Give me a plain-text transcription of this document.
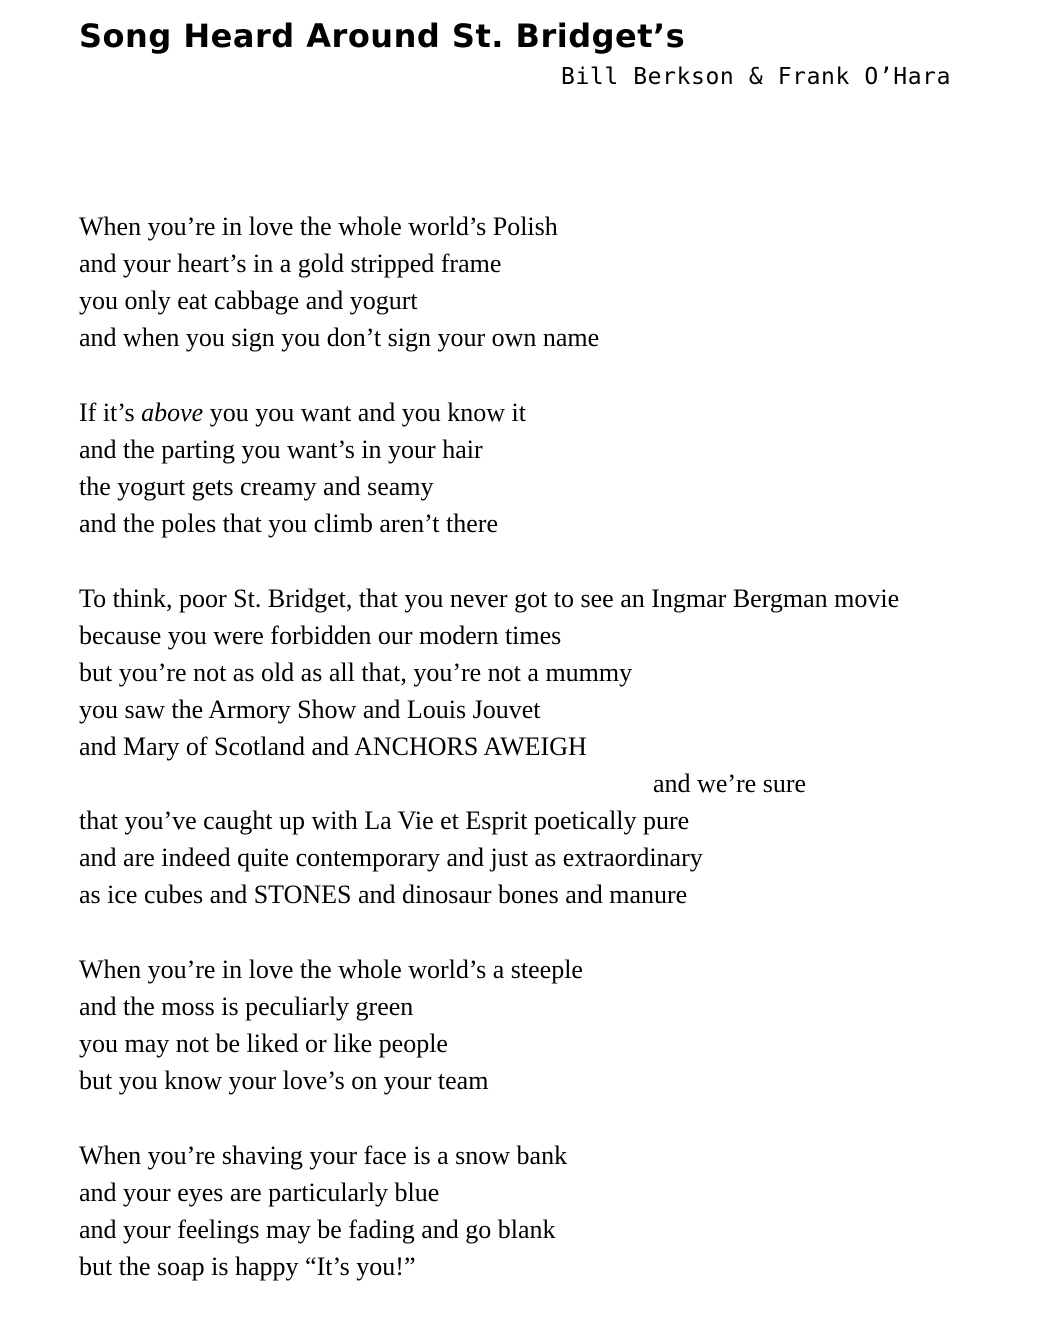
Song Heard Around St. Bridget’s

Bill Berkson & Frank O’Hara

When you’re in love the whole world’s Polish
and your heart’s in a gold stripped frame
you only eat cabbage and yogurt
and when you sign you don’t sign your own name
If it’s above you you want and you know it
and the parting you want’s in your hair
the yogurt gets creamy and seamy
and the poles that you climb aren’t there
To think, poor St. Bridget, that you never got to see an Ingmar Bergman movie
because you were forbidden our modern times
but you’re not as old as all that, you’re not a mummy
you saw the Armory Show and Louis Jouvet
and Mary of Scotland and ANCHORS AWEIGH
and we’re sure
that you’ve caught up with La Vie et Esprit poetically pure
and are indeed quite contemporary and just as extraordinary
as ice cubes and STONES and dinosaur bones and manure
When you’re in love the whole world’s a steeple
and the moss is peculiarly green
you may not be liked or like people
but you know your love’s on your team
When you’re shaving your face is a snow bank
and your eyes are particularly blue
and your feelings may be fading and go blank
but the soap is happy “It’s you!”
